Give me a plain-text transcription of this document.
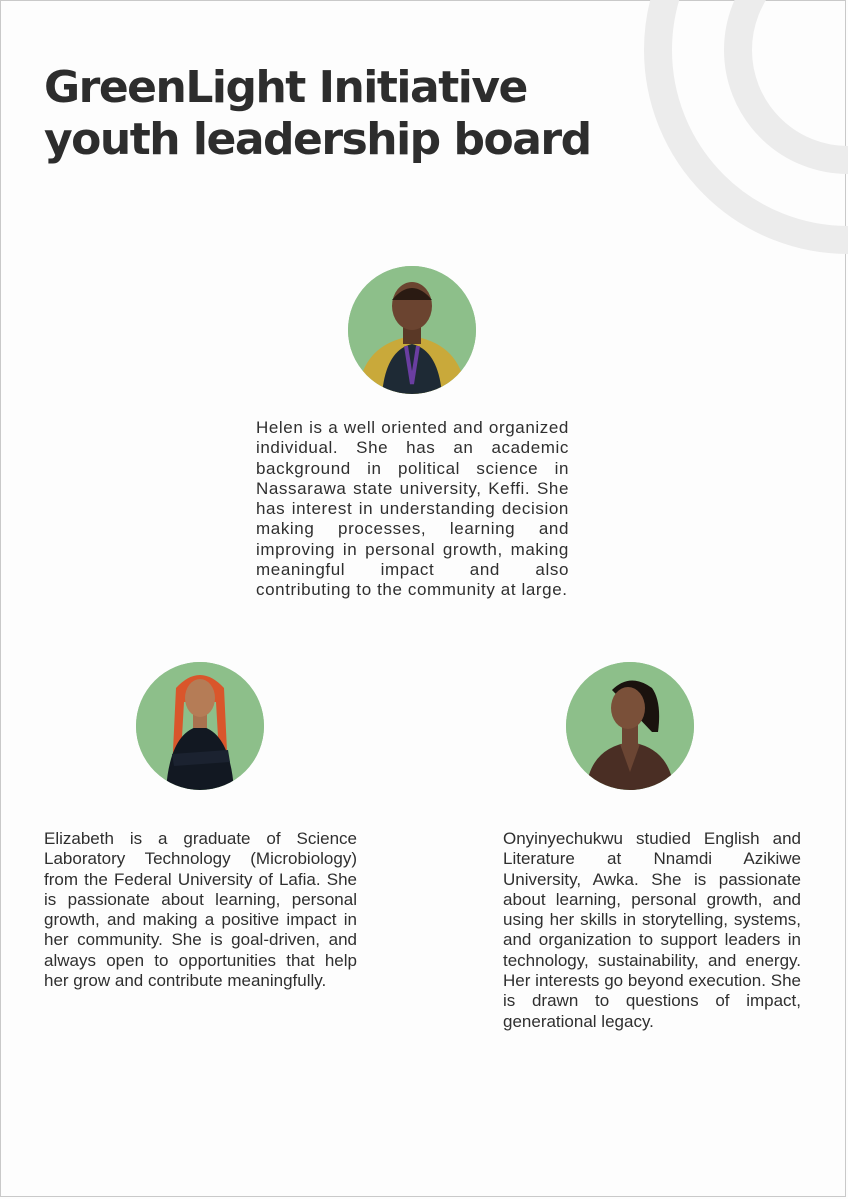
GreenLight Initiative
youth leadership board

Helen is a well oriented and organized individual. She has an academic background in political science in Nassarawa state university, Keffi. She has interest in understanding decision making processes, learning and improving in personal growth, making meaningful impact and also contributing to the community at large.

Elizabeth is a graduate of Science Laboratory Technology (Microbiology) from the Federal University of Lafia. She is passionate about learning, personal growth, and making a positive impact in her community. She is goal-driven, and always open to opportunities that help her grow and contribute meaningfully.

Onyinyechukwu studied English and Literature at Nnamdi Azikiwe University, Awka. She is passionate about learning, personal growth, and using her skills in storytelling, systems, and organization to support leaders in technology, sustainability, and energy. Her interests go beyond execution. She is drawn to questions of impact, generational legacy.
